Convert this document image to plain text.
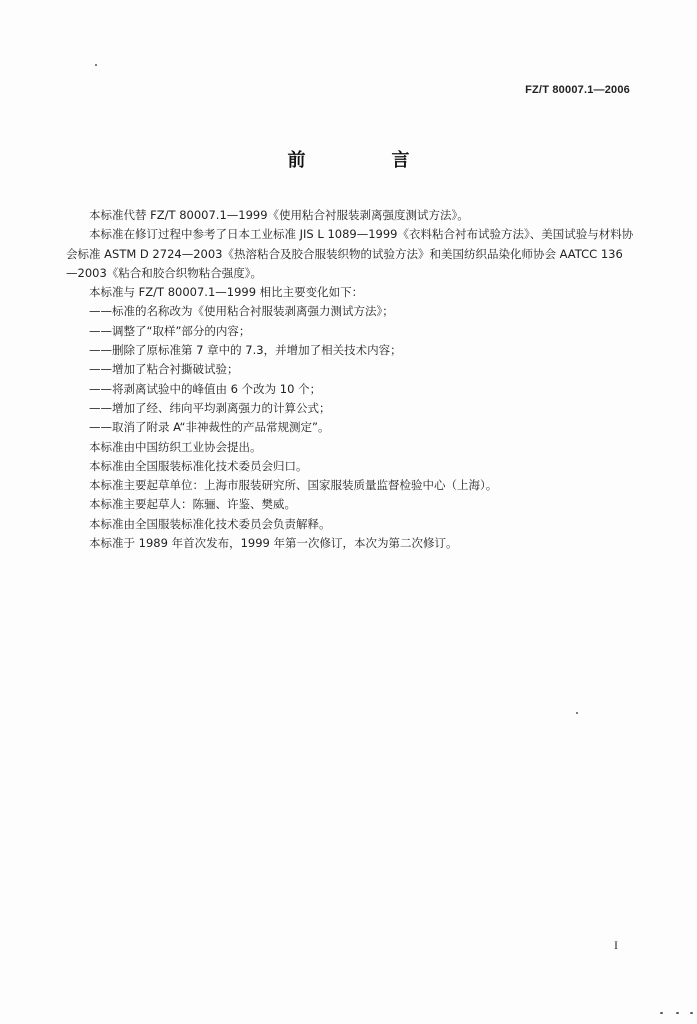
FZ/T 80007.1—2006
前　言

本标准代替 FZ/T 80007.1—1999《使用粘合衬服装剥离强度测试方法》。

本标准在修订过程中参考了日本工业标准 JIS L 1089—1999《衣料粘合衬布试验方法》、美国试验与材料协会标准 ASTM D 2724—2003《热溶粘合及胶合服装织物的试验方法》和美国纺织品染化师协会 AATCC 136—2003《粘合和胶合织物粘合强度》。

本标准与 FZ/T 80007.1—1999 相比主要变化如下：

——标准的名称改为《使用粘合衬服装剥离强力测试方法》；

——调整了“取样”部分的内容；

——删除了原标准第 7 章中的 7.3，并增加了相关技术内容；

——增加了粘合衬撕破试验；

——将剥离试验中的峰值由 6 个改为 10 个；

——增加了经、纬向平均剥离强力的计算公式；

——取消了附录 A“非神裁性的产品常规测定”。

本标准由中国纺织工业协会提出。

本标准由全国服装标准化技术委员会归口。

本标准主要起草单位：上海市服装研究所、国家服装质量监督检验中心（上海）。

本标准主要起草人：陈骊、许鉴、樊威。

本标准由全国服装标准化技术委员会负责解释。

本标准于 1989 年首次发布，1999 年第一次修订，本次为第二次修订。

I
